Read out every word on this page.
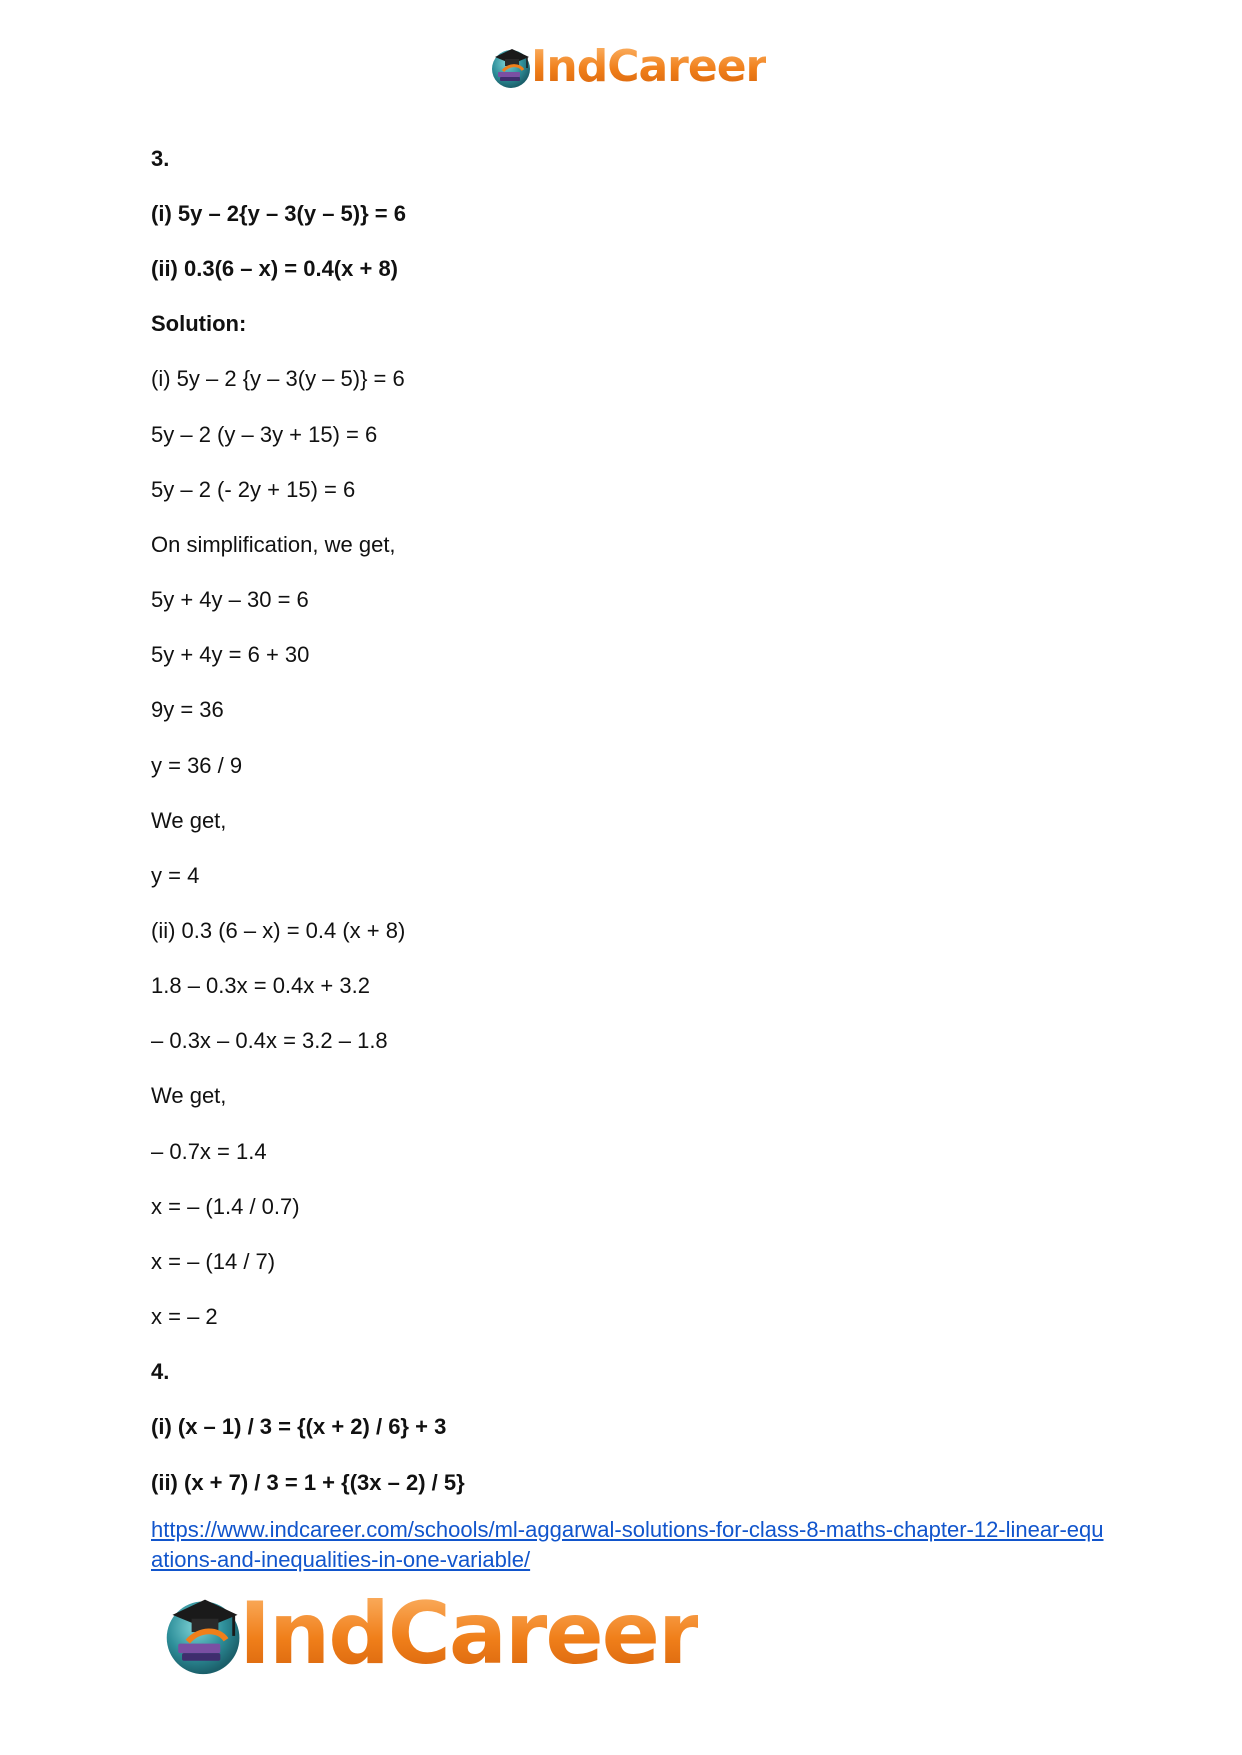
IndCareer
3.
(i) 5y – 2{y – 3(y – 5)} = 6
(ii) 0.3(6 – x) = 0.4(x + 8)
Solution:
(i) 5y – 2 {y – 3(y – 5)} = 6
5y – 2 (y – 3y + 15) = 6
5y – 2 (- 2y + 15) = 6
On simplification, we get,
5y + 4y – 30 = 6
5y + 4y = 6 + 30
9y = 36
y = 36 / 9
We get,
y = 4
(ii) 0.3 (6 – x) = 0.4 (x + 8)
1.8 – 0.3x = 0.4x + 3.2
– 0.3x – 0.4x = 3.2 – 1.8
We get,
– 0.7x = 1.4
x = – (1.4 / 0.7)
x = – (14 / 7)
x = – 2
4.
(i) (x – 1) / 3 = {(x + 2) / 6} + 3
(ii) (x + 7) / 3 = 1 + {(3x – 2) / 5}
https://www.indcareer.com/schools/ml-aggarwal-solutions-for-class-8-maths-chapter-12-linear-equations-and-inequalities-in-one-variable/
IndCareer
